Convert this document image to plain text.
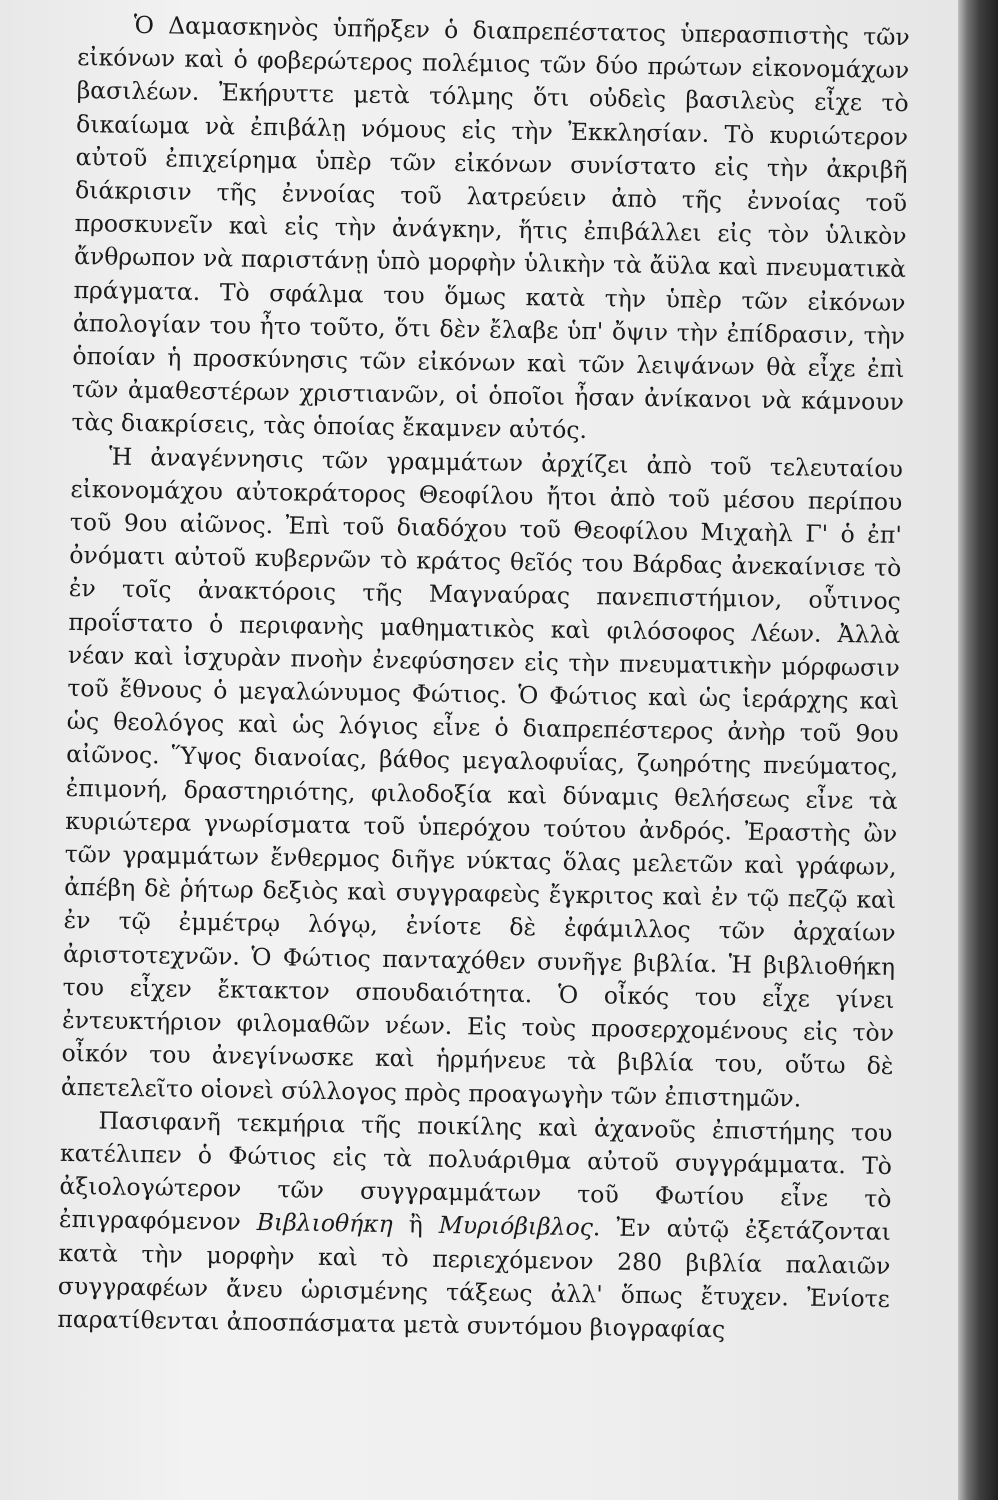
Ὁ Δαμασκηνὸς ὑπῆρξεν ὁ διαπρεπέστατος ὑπερασπιστὴς τῶν εἰκόνων καὶ ὁ φοβερώτερος πολέμιος τῶν δύο πρώτων εἰκονομάχων βασιλέων. Ἐκήρυττε μετὰ τόλμης ὅτι οὐδεὶς βασιλεὺς εἶχε τὸ δικαίωμα νὰ ἐπιβάλῃ νόμους εἰς τὴν Ἐκκλησίαν. Τὸ κυριώτερον αὐτοῦ ἐπιχείρημα ὑπὲρ τῶν εἰκόνων συνίστατο εἰς τὴν ἀκριβῆ διάκρισιν τῆς ἐννοίας τοῦ λατρεύειν ἀπὸ τῆς ἐννοίας τοῦ προσκυνεῖν καὶ εἰς τὴν ἀνάγκην, ἥτις ἐπιβάλλει εἰς τὸν ὑλικὸν ἄνθρωπον νὰ παριστάνῃ ὑπὸ μορφὴν ὑλικὴν τὰ ἄϋλα καὶ πνευματικὰ πράγματα. Τὸ σφάλμα του ὅμως κατὰ τὴν ὑπὲρ τῶν εἰκόνων ἀπολογίαν του ἦτο τοῦτο, ὅτι δὲν ἔλαβε ὑπ' ὄψιν τὴν ἐπίδρασιν, τὴν ὁποίαν ἡ προσκύνησις τῶν εἰκόνων καὶ τῶν λειψάνων θὰ εἶχε ἐπὶ τῶν ἀμαθεστέρων χριστιανῶν, οἱ ὁποῖοι ἦσαν ἀνίκανοι νὰ κάμνουν τὰς διακρίσεις, τὰς ὁποίας ἔκαμνεν αὐτός.

Ἡ ἀναγέννησις τῶν γραμμάτων ἀρχίζει ἀπὸ τοῦ τελευταίου εἰκονομάχου αὐτοκράτορος Θεοφίλου ἤτοι ἀπὸ τοῦ μέσου περίπου τοῦ 9ου αἰῶνος. Ἐπὶ τοῦ διαδόχου τοῦ Θεοφίλου Μιχαὴλ Γ' ὁ ἐπ' ὀνόματι αὐτοῦ κυβερνῶν τὸ κράτος θεῖός του Βάρδας ἀνεκαίνισε τὸ ἐν τοῖς ἀνακτόροις τῆς Μαγναύρας πανεπιστήμιον, οὗτινος προΐστατο ὁ περιφανὴς μαθηματικὸς καὶ φιλόσοφος Λέων. Ἀλλὰ νέαν καὶ ἰσχυρὰν πνοὴν ἐνεφύσησεν εἰς τὴν πνευματικὴν μόρφωσιν τοῦ ἔθνους ὁ μεγαλώνυμος Φώτιος. Ὁ Φώτιος καὶ ὡς ἱεράρχης καὶ ὡς θεολόγος καὶ ὡς λόγιος εἶνε ὁ διαπρεπέστερος ἀνὴρ τοῦ 9ου αἰῶνος. Ὕψος διανοίας, βάθος μεγαλοφυΐας, ζωηρότης πνεύματος, ἐπιμονή, δραστηριότης, φιλοδοξία καὶ δύναμις θελήσεως εἶνε τὰ κυριώτερα γνωρίσματα τοῦ ὑπερόχου τούτου ἀνδρός. Ἐραστὴς ὢν τῶν γραμμάτων ἔνθερμος διῆγε νύκτας ὅλας μελετῶν καὶ γράφων, ἀπέβη δὲ ῥήτωρ δεξιὸς καὶ συγγραφεὺς ἔγκριτος καὶ ἐν τῷ πεζῷ καὶ ἐν τῷ ἐμμέτρῳ λόγῳ, ἐνίοτε δὲ ἐφάμιλλος τῶν ἀρχαίων ἀριστοτεχνῶν. Ὁ Φώτιος πανταχόθεν συνῆγε βιβλία. Ἡ βιβλιοθήκη του εἶχεν ἔκτακτον σπουδαιότητα. Ὁ οἶκός του εἶχε γίνει ἐντευκτήριον φιλομαθῶν νέων. Εἰς τοὺς προσερχομένους εἰς τὸν οἶκόν του ἀνεγίνωσκε καὶ ἡρμήνευε τὰ βιβλία του, οὕτω δὲ ἀπετελεῖτο οἱονεὶ σύλλογος πρὸς προαγωγὴν τῶν ἐπιστημῶν.

Πασιφανῆ τεκμήρια τῆς ποικίλης καὶ ἀχανοῦς ἐπιστήμης του κατέλιπεν ὁ Φώτιος εἰς τὰ πολυάριθμα αὐτοῦ συγγράμματα. Τὸ ἀξιολογώτερον τῶν συγγραμμάτων τοῦ Φωτίου εἶνε τὸ ἐπιγραφόμενον Βιβλιοθήκη ἢ Μυριόβιβλος. Ἐν αὐτῷ ἐξετάζονται κατὰ τὴν μορφὴν καὶ τὸ περιεχόμενον 280 βιβλία παλαιῶν συγγραφέων ἄνευ ὡρισμένης τάξεως ἀλλ' ὅπως ἔτυχεν. Ἐνίοτε παρατίθενται ἀποσπάσματα μετὰ συντόμου βιογραφίας
